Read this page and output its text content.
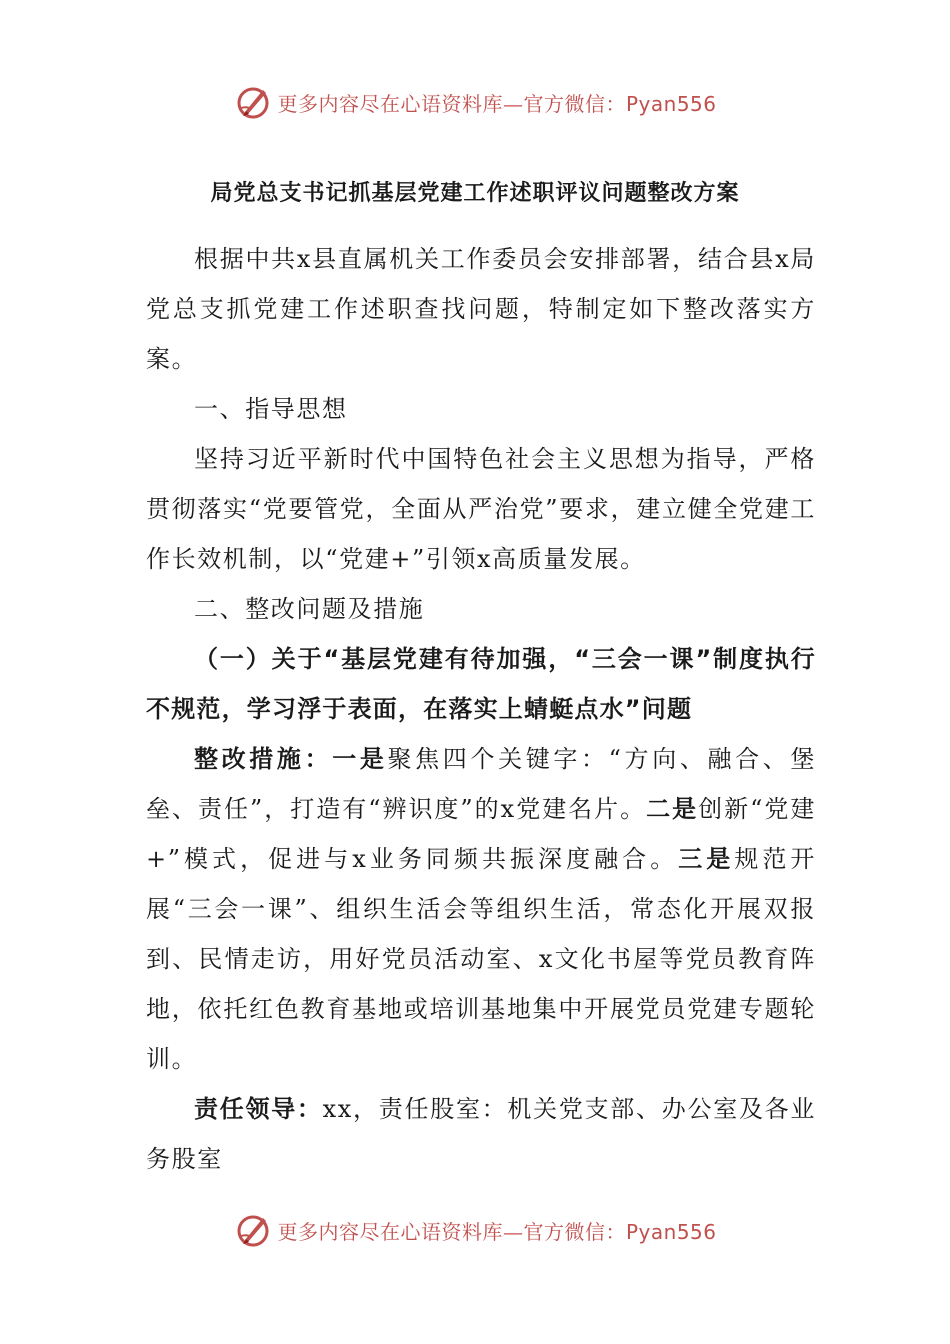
更多内容尽在心语资料库—官方微信：Pyan556
局党总支书记抓基层党建工作述职评议问题整改方案

根据中共x县直属机关工作委员会安排部署，结合县x局党总支抓党建工作述职查找问题，特制定如下整改落实方案。

一、指导思想

坚持习近平新时代中国特色社会主义思想为指导，严格贯彻落实“党要管党，全面从严治党”要求，建立健全党建工作长效机制，以“党建+”引领x高质量发展。

二、整改问题及措施

（一）关于“基层党建有待加强，“三会一课”制度执行不规范，学习浮于表面，在落实上蜻蜓点水”问题

整改措施：一是聚焦四个关键字：“方向、融合、堡垒、责任”，打造有“辨识度”的x党建名片。二是创新“党建+”模式，促进与x业务同频共振深度融合。三是规范开展“三会一课”、组织生活会等组织生活，常态化开展双报到、民情走访，用好党员活动室、x文化书屋等党员教育阵地，依托红色教育基地或培训基地集中开展党员党建专题轮训。

责任领导：xx，责任股室：机关党支部、办公室及各业务股室

更多内容尽在心语资料库—官方微信：Pyan556
